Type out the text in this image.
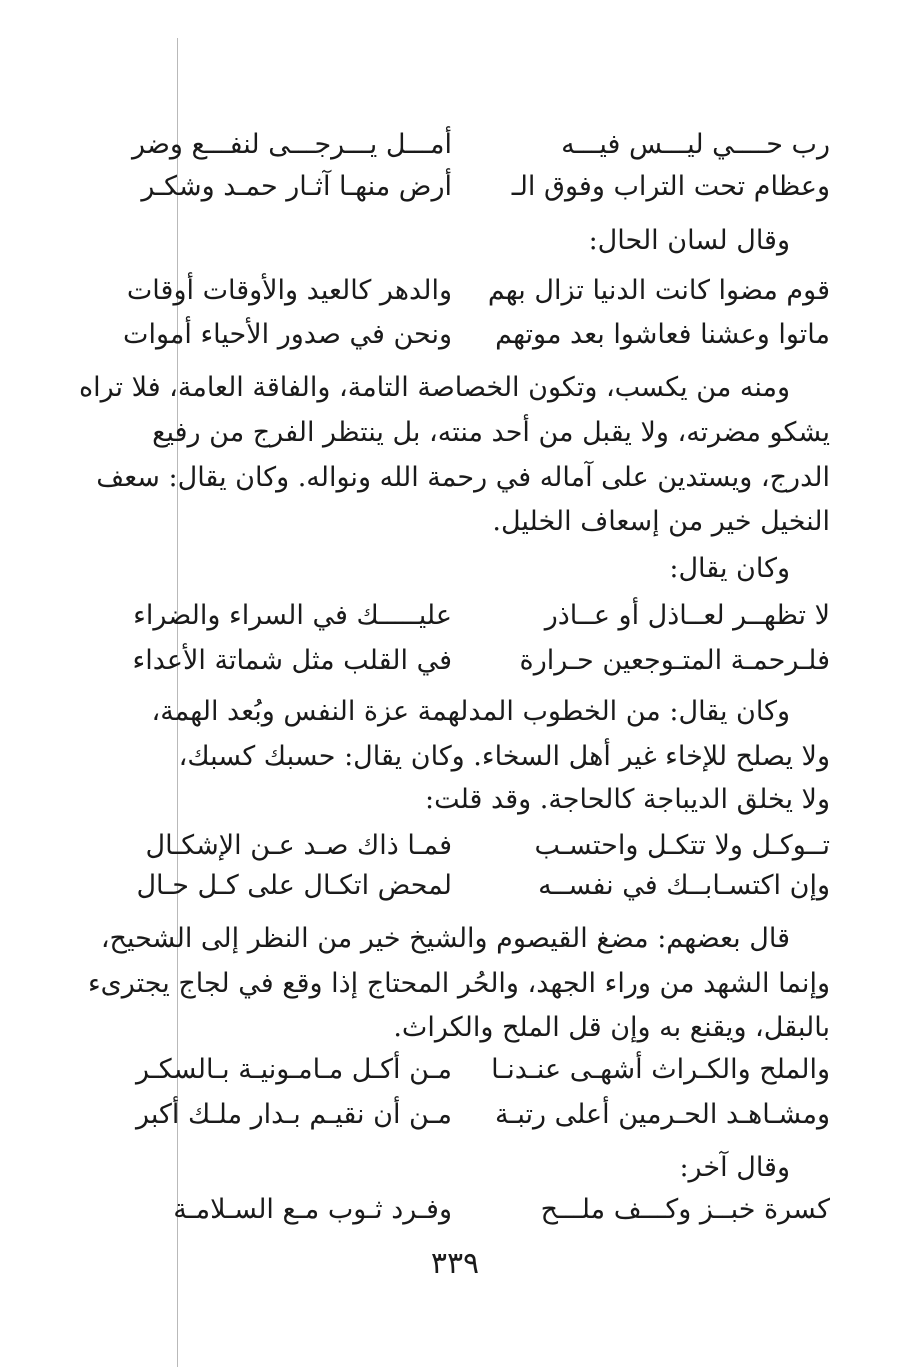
رب حــــي ليـــس فيـــه
أمـــل يـــرجـــى لنفـــع وضر
وعظام تحت التراب وفوق الـ
أرض منهـا آثـار حمـد وشكـر
وقال لسان الحال:
قوم مضوا كانت الدنيا تزال بهم
والدهر كالعيد والأوقات أوقات
ماتوا وعشنا فعاشوا بعد موتهم
ونحن في صدور الأحياء أموات
ومنه من يكسب، وتكون الخصاصة التامة، والفاقة العامة، فلا تراه
يشكو مضرته، ولا يقبل من أحد منته، بل ينتظر الفرج من رفيع
الدرج، ويستدين على آماله في رحمة الله ونواله. وكان يقال: سعف
النخيل خير من إسعاف الخليل.
وكان يقال:
لا تظهــر لعــاذل أو عــاذر
عليـــــك في السراء والضراء
فلـرحمـة المتـوجعين حـرارة
في القلب مثل شماتة الأعداء
وكان يقال: من الخطوب المدلهمة عزة النفس وبُعد الهمة،
ولا يصلح للإخاء غير أهل السخاء. وكان يقال: حسبك كسبك،
ولا يخلق الديباجة كالحاجة. وقد قلت:
تــوكـل ولا تتكـل واحتسـب
فمـا ذاك صـد عـن الإشكـال
وإن اكتسـابــك في نفســه
لمحض اتكـال على كـل حـال
قال بعضهم: مضغ القيصوم والشيخ خير من النظر إلى الشحيح،
وإنما الشهد من وراء الجهد، والحُر المحتاج إذا وقع في لجاج يجترىء
بالبقل، ويقنع به وإن قل الملح والكراث.
والملح والكـراث أشهـى عنـدنـا
مـن أكـل مـامـونيـة بـالسكـر
ومشـاهـد الحـرمين أعلى رتبـة
مـن أن نقيـم بـدار ملـك أكبر
وقال آخر:
كسرة خبــز وكـــف ملـــح
وفـرد ثـوب مـع السـلامـة
٣٣٩
